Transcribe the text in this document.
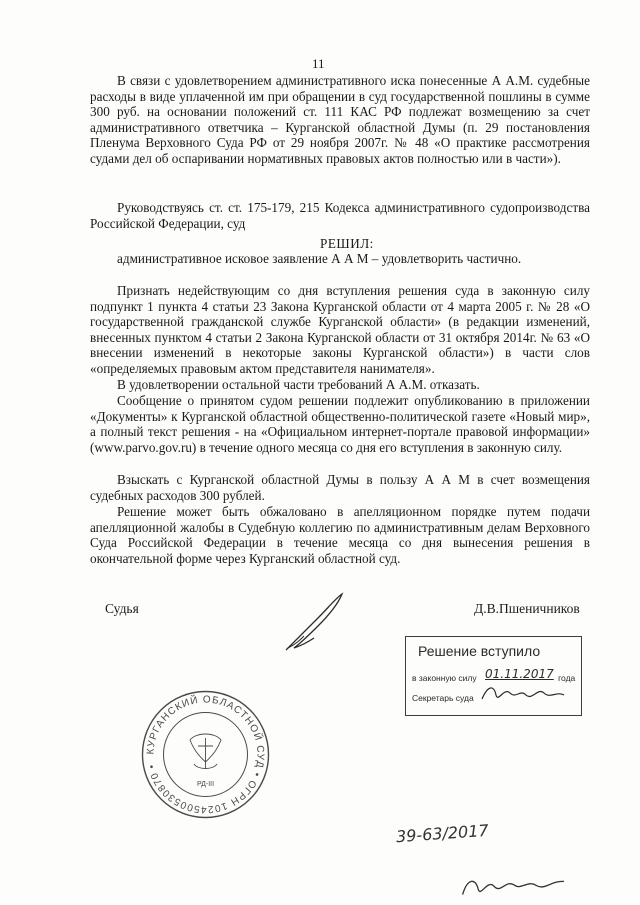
11
В связи с удовлетворением административного иска понесенные А А.М. судебные расходы в виде уплаченной им при обращении в суд государственной пошлины в сумме 300 руб. на основании положений ст. 111 КАС РФ подлежат возмещению за счет административного ответчика – Курганской областной Думы (п. 29 постановления Пленума Верховного Суда РФ от 29 ноября 2007г. № 48 «О практике рассмотрения судами дел об оспаривании нормативных правовых актов полностью или в части»).
Руководствуясь ст. ст. 175-179, 215 Кодекса административного судопроизводства Российской Федерации, суд
РЕШИЛ:
административное исковое заявление А А М – удовлетворить частично.
Признать недействующим со дня вступления решения суда в законную силу подпункт 1 пункта 4 статьи 23 Закона Курганской области от 4 марта 2005 г. № 28 «О государственной гражданской службе Курганской области» (в редакции изменений, внесенных пунктом 4 статьи 2 Закона Курганской области от 31 октября 2014г. № 63 «О внесении изменений в некоторые законы Курганской области») в части слов «определяемых правовым актом представителя нанимателя».
В удовлетворении остальной части требований А А.М. отказать.
Сообщение о принятом судом решении подлежит опубликованию в приложении «Документы» к Курганской областной общественно-политической газете «Новый мир», а полный текст решения - на «Официальном интернет-портале правовой информации» (www.parvo.gov.ru) в течение одного месяца со дня его вступления в законную силу.
Взыскать с Курганской областной Думы в пользу А А М в счет возмещения судебных расходов 300 рублей.
Решение может быть обжаловано в апелляционном порядке путем подачи апелляционной жалобы в Судебную коллегию по административным делам Верховного Суда Российской Федерации в течение месяца со дня вынесения решения в окончательной форме через Курганский областной суд.
Судья	Д.В.Пшеничников
Решение вступило
в законную силу 01.11.2017 года
Секретарь суда
КУРГАНСКИЙ ОБЛАСТНОЙ СУД • ОГРН 1024500530870 •
РД-III
39-63/2017
